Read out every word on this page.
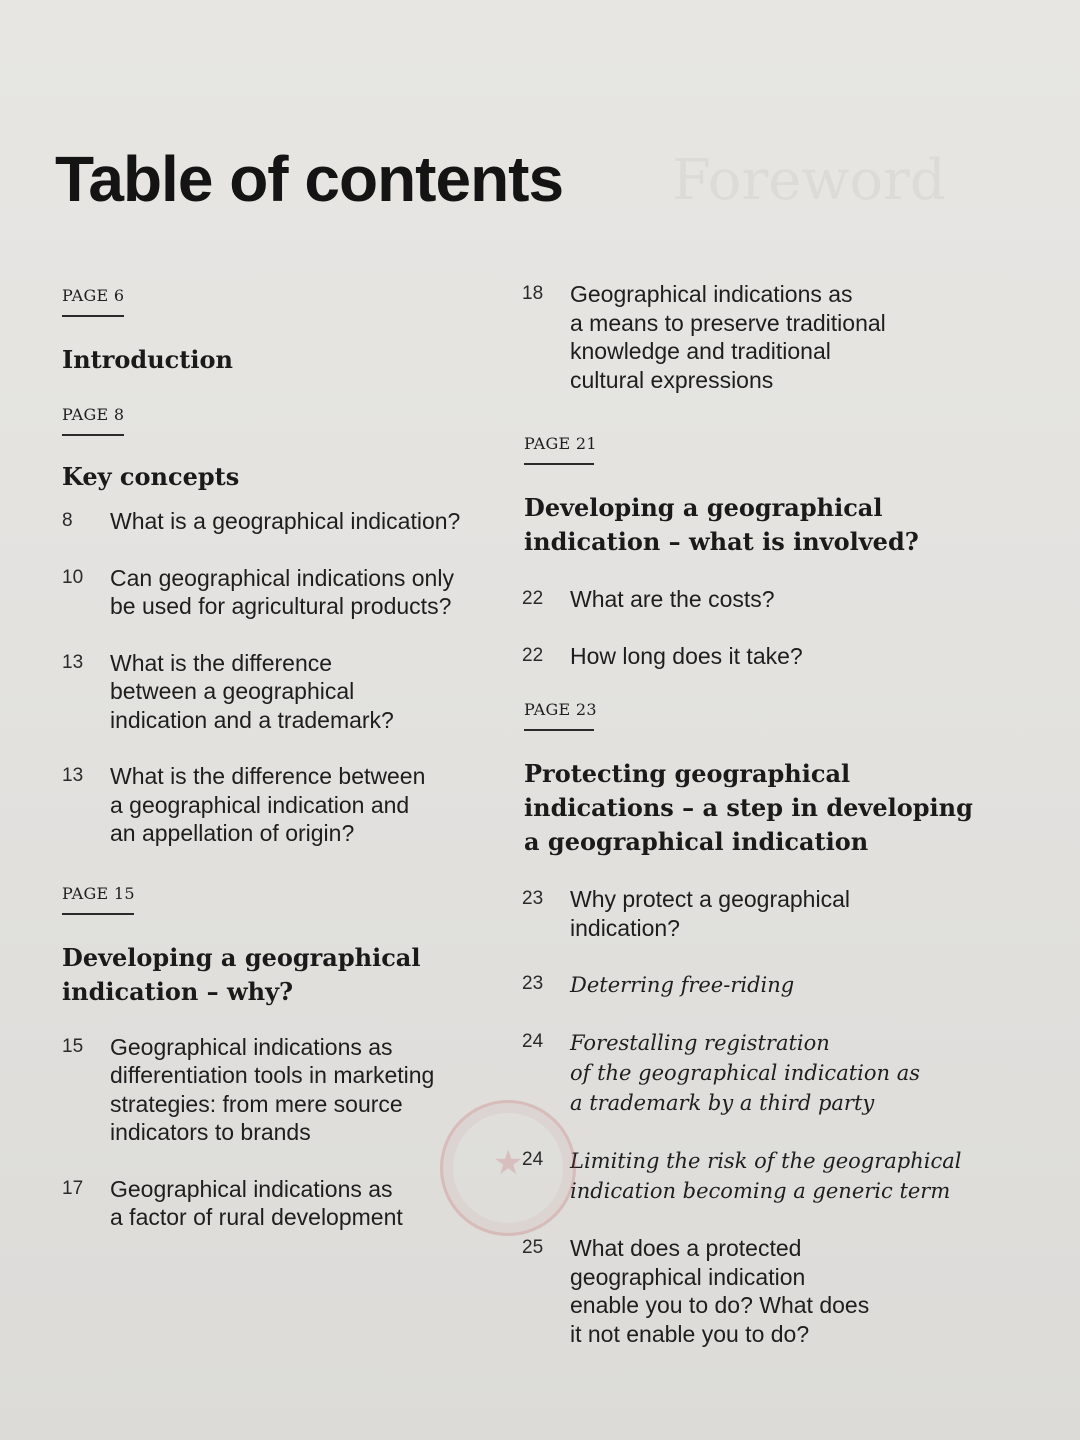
Table of contents

PAGE 6

Introduction

PAGE 8

Key concepts

8	What is a geographical indication?
10	Can geographical indications only
be used for agricultural products?
13	What is the difference
between a geographical
indication and a trademark?
13	What is the difference between
a geographical indication and
an appellation of origin?

PAGE 15

Developing a geographical
indication – why?

15	Geographical indications as
differentiation tools in marketing
strategies: from mere source
indicators to brands
17	Geographical indications as
a factor of rural development
18	Geographical indications as
a means to preserve traditional
knowledge and traditional
cultural expressions

PAGE 21

Developing a geographical
indication – what is involved?

22	What are the costs?
22	How long does it take?

PAGE 23

Protecting geographical
indications – a step in developing
a geographical indication

23	Why protect a geographical
indication?
23	Deterring free-riding
24	Forestalling registration
of the geographical indication as
a trademark by a third party
24	Limiting the risk of the geographical
indication becoming a generic term
25	What does a protected
geographical indication
enable you to do? What does
it not enable you to do?
★
